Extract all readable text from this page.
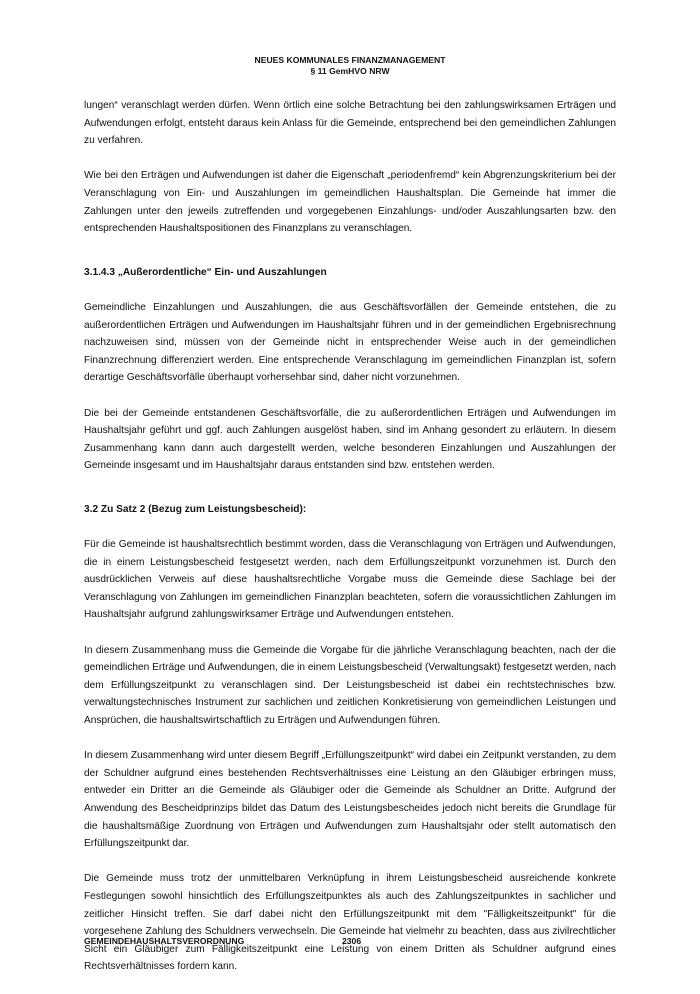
NEUES KOMMUNALES FINANZMANAGEMENT
§ 11 GemHVO NRW

lungen“ veranschlagt werden dürfen. Wenn örtlich eine solche Betrachtung bei den zahlungswirksamen Erträgen und Aufwendungen erfolgt, entsteht daraus kein Anlass für die Gemeinde, entsprechend bei den gemeindlichen Zahlungen zu verfahren.

Wie bei den Erträgen und Aufwendungen ist daher die Eigenschaft „periodenfremd“ kein Abgrenzungskriterium bei der Veranschlagung von Ein- und Auszahlungen im gemeindlichen Haushaltsplan. Die Gemeinde hat immer die Zahlungen unter den jeweils zutreffenden und vorgegebenen Einzahlungs- und/oder Auszahlungsarten bzw. den entsprechenden Haushaltspositionen des Finanzplans zu veranschlagen.

3.1.4.3 „Außerordentliche“ Ein- und Auszahlungen

Gemeindliche Einzahlungen und Auszahlungen, die aus Geschäftsvorfällen der Gemeinde entstehen, die zu außerordentlichen Erträgen und Aufwendungen im Haushaltsjahr führen und in der gemeindlichen Ergebnisrechnung nachzuweisen sind, müssen von der Gemeinde nicht in entsprechender Weise auch in der gemeindlichen Finanzrechnung differenziert werden. Eine entsprechende Veranschlagung im gemeindlichen Finanzplan ist, sofern derartige Geschäftsvorfälle überhaupt vorhersehbar sind, daher nicht vorzunehmen.

Die bei der Gemeinde entstandenen Geschäftsvorfälle, die zu außerordentlichen Erträgen und Aufwendungen im Haushaltsjahr geführt und ggf. auch Zahlungen ausgelöst haben, sind im Anhang gesondert zu erläutern. In diesem Zusammenhang kann dann auch dargestellt werden, welche besonderen Einzahlungen und Auszahlungen der Gemeinde insgesamt und im Haushaltsjahr daraus entstanden sind bzw. entstehen werden.

3.2 Zu Satz 2 (Bezug zum Leistungsbescheid):

Für die Gemeinde ist haushaltsrechtlich bestimmt worden, dass die Veranschlagung von Erträgen und Aufwendungen, die in einem Leistungsbescheid festgesetzt werden, nach dem Erfüllungszeitpunkt vorzunehmen ist. Durch den ausdrücklichen Verweis auf diese haushaltsrechtliche Vorgabe muss die Gemeinde diese Sachlage bei der Veranschlagung von Zahlungen im gemeindlichen Finanzplan beachteten, sofern die voraussichtlichen Zahlungen im Haushaltsjahr aufgrund zahlungswirksamer Erträge und Aufwendungen entstehen.

In diesem Zusammenhang muss die Gemeinde die Vorgabe für die jährliche Veranschlagung beachten, nach der die gemeindlichen Erträge und Aufwendungen, die in einem Leistungsbescheid (Verwaltungsakt) festgesetzt werden, nach dem Erfüllungszeitpunkt zu veranschlagen sind. Der Leistungsbescheid ist dabei ein rechtstechnisches bzw. verwaltungstechnisches Instrument zur sachlichen und zeitlichen Konkretisierung von gemeindlichen Leistungen und Ansprüchen, die haushaltswirtschaftlich zu Erträgen und Aufwendungen führen.

In diesem Zusammenhang wird unter diesem Begriff „Erfüllungszeitpunkt“ wird dabei ein Zeitpunkt verstanden, zu dem der Schuldner aufgrund eines bestehenden Rechtsverhältnisses eine Leistung an den Gläubiger erbringen muss, entweder ein Dritter an die Gemeinde als Gläubiger oder die Gemeinde als Schuldner an Dritte. Aufgrund der Anwendung des Bescheidprinzips bildet das Datum des Leistungsbescheides jedoch nicht bereits die Grundlage für die haushaltsmäßige Zuordnung von Erträgen und Aufwendungen zum Haushaltsjahr oder stellt automatisch den Erfüllungszeitpunkt dar.

Die Gemeinde muss trotz der unmittelbaren Verknüpfung in ihrem Leistungsbescheid ausreichende konkrete Festlegungen sowohl hinsichtlich des Erfüllungszeitpunktes als auch des Zahlungszeitpunktes in sachlicher und zeitlicher Hinsicht treffen. Sie darf dabei nicht den Erfüllungszeitpunkt mit dem "Fälligkeitszeitpunkt" für die vorgesehene Zahlung des Schuldners verwechseln. Die Gemeinde hat vielmehr zu beachten, dass aus zivilrechtlicher Sicht ein Gläubiger zum Fälligkeitszeitpunkt eine Leistung von einem Dritten als Schuldner aufgrund eines Rechtsverhältnisses fordern kann.

GEMEINDEHAUSHALTSVERORDNUNG	2306
